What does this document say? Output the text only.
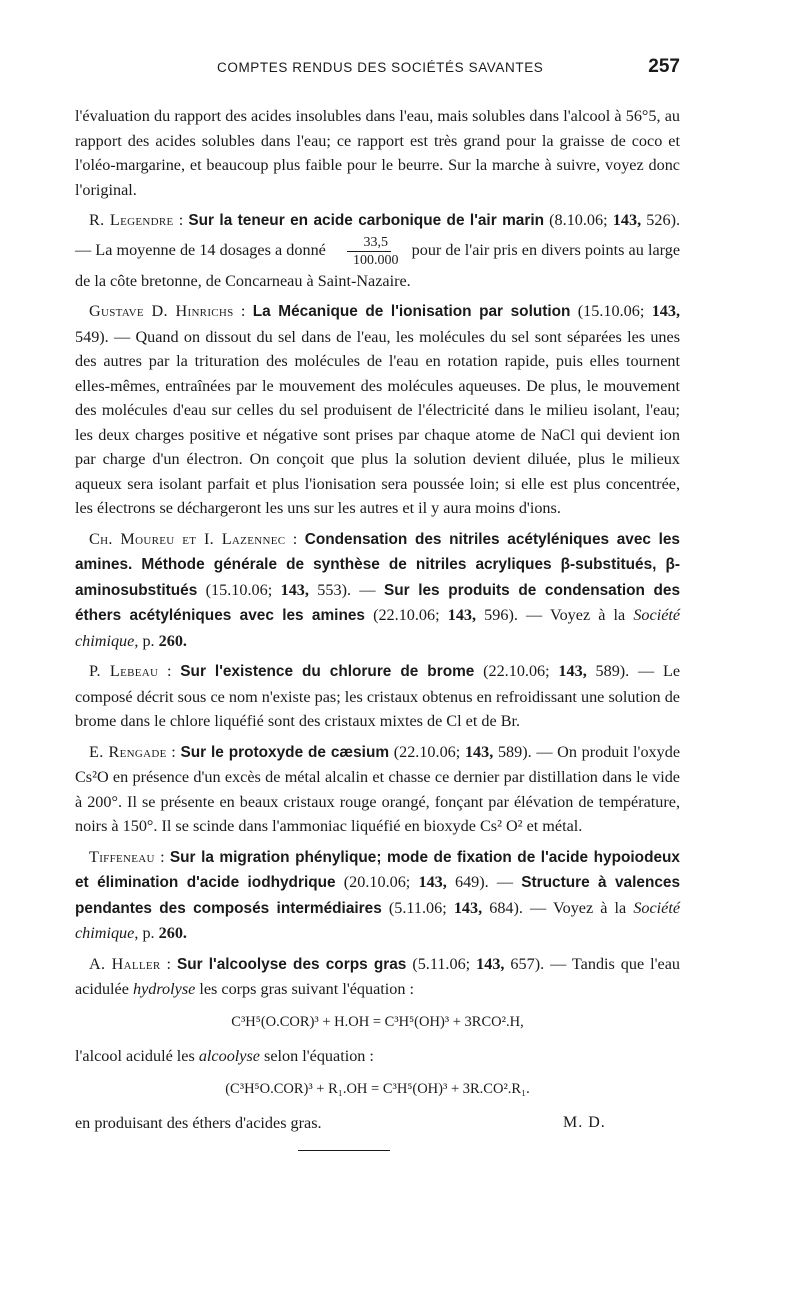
COMPTES RENDUS DES SOCIÉTÉS SAVANTES	257

l'évaluation du rapport des acides insolubles dans l'eau, mais solubles dans l'alcool à 56°5, au rapport des acides solubles dans l'eau; ce rapport est très grand pour la graisse de coco et l'oléo-margarine, et beaucoup plus faible pour le beurre. Sur la marche à suivre, voyez donc l'original.

R. Legendre : Sur la teneur en acide carbonique de l'air marin (8.10.06; 143, 526). — La moyenne de 14 dosages a donné $\frac{33,5}{100.000}$ pour de l'air pris en divers points au large de la côte bretonne, de Concarneau à Saint-Nazaire.

Gustave D. Hinrichs : La Mécanique de l'ionisation par solution (15.10.06; 143, 549). — Quand on dissout du sel dans de l'eau, les molécules du sel sont séparées les unes des autres par la trituration des molécules de l'eau en rotation rapide, puis elles tournent elles-mêmes, entraînées par le mouvement des molécules aqueuses. De plus, le mouvement des molécules d'eau sur celles du sel produisent de l'électricité dans le milieu isolant, l'eau; les deux charges positive et négative sont prises par chaque atome de NaCl qui devient ion par charge d'un électron. On conçoit que plus la solution devient diluée, plus le milieux aqueux sera isolant parfait et plus l'ionisation sera poussée loin; si elle est plus concentrée, les électrons se déchargeront les uns sur les autres et il y aura moins d'ions.

Ch. Moureu et I. Lazennec : Condensation des nitriles acétyléniques avec les amines. Méthode générale de synthèse de nitriles acryliques β-substitués, β-aminosubstitués (15.10.06; 143, 553). — Sur les produits de condensation des éthers acétyléniques avec les amines (22.10.06; 143, 596). — Voyez à la Société chimique, p. 260.

P. Lebeau : Sur l'existence du chlorure de brome (22.10.06; 143, 589). — Le composé décrit sous ce nom n'existe pas; les cristaux obtenus en refroidissant une solution de brome dans le chlore liquéfié sont des cristaux mixtes de Cl et de Br.

E. Rengade : Sur le protoxyde de cæsium (22.10.06; 143, 589). — On produit l'oxyde Cs²O en présence d'un excès de métal alcalin et chasse ce dernier par distillation dans le vide à 200°. Il se présente en beaux cristaux rouge orangé, fonçant par élévation de température, noirs à 150°. Il se scinde dans l'ammoniac liquéfié en bioxyde Cs² O² et métal.

Tiffeneau : Sur la migration phénylique; mode de fixation de l'acide hypoiodeux et élimination d'acide iodhydrique (20.10.06; 143, 649). — Structure à valences pendantes des composés intermédiaires (5.11.06; 143, 684). — Voyez à la Société chimique, p. 260.

A. Haller : Sur l'alcoolyse des corps gras (5.11.06; 143, 657). — Tandis que l'eau acidulée hydrolyse les corps gras suivant l'équation :

C³H⁵(O.COR)³ + H.OH = C³H⁵(OH)³ + 3RCO².H,

l'alcool acidulé les alcoolyse selon l'équation :

(C³H⁵O.COR)³ + R₁.OH = C³H⁵(OH)³ + 3R.CO².R₁.

en produisant des éthers d'acides gras.	M. D.
